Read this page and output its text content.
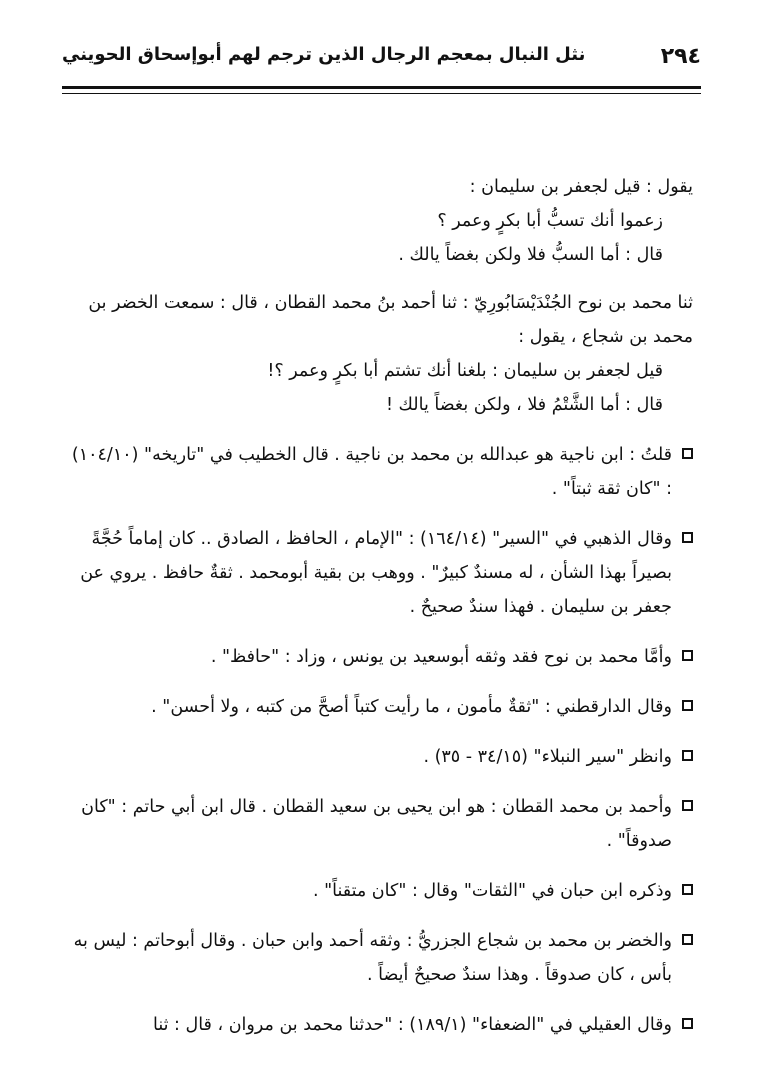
٢٩٤
نثل النبال بمعجم الرجال الذين ترجم لهم أبوإسحاق الحويني

يقول : قيل لجعفر بن سليمان :

زعموا أنك تسبُّ أبا بكرٍ وعمر ؟

قال : أما السبُّ فلا ولكن بغضاً يالك .

ثنا محمد بن نوح الجُنْدَيْسَابُورِيّ : ثنا أحمد بنُ محمد القطان ، قال : سمعت الخضر بن محمد بن شجاع ، يقول :

قيل لجعفر بن سليمان : بلغنا أنك تشتم أبا بكرٍ وعمر ؟!

قال : أما الشَّتْمُ فلا ، ولكن بغضاً يالك !

قلتُ : ابن ناجية هو عبدالله بن محمد بن ناجية . قال الخطيب في "تاريخه" (١٠٤/١٠) : "كان ثقة ثبتاً" .
وقال الذهبي في "السير" (١٦٤/١٤) : "الإمام ، الحافظ ، الصادق .. كان إماماً حُجَّةً بصيراً بهذا الشأن ، له مسندٌ كبيرٌ" . ووهب بن بقية أبومحمد . ثقةٌ حافظ . يروي عن جعفر بن سليمان . فهذا سندٌ صحيحٌ .
وأمَّا محمد بن نوح فقد وثقه أبوسعيد بن يونس ، وزاد : "حافظ" .
وقال الدارقطني : "ثقةٌ مأمون ، ما رأيت كتباً أصحَّ من كتبه ، ولا أحسن" .
وانظر "سير النبلاء" (٣٤/١٥ - ٣٥) .
وأحمد بن محمد القطان : هو ابن يحيى بن سعيد القطان . قال ابن أبي حاتم : "كان صدوقاً" .
وذكره ابن حبان في "الثقات" وقال : "كان متقناً" .
والخضر بن محمد بن شجاع الجزريُّ : وثقه أحمد وابن حبان . وقال أبوحاتم : ليس به بأس ، كان صدوقاً . وهذا سندٌ صحيحٌ أيضاً .
وقال العقيلي في "الضعفاء" (١٨٩/١) : "حدثنا محمد بن مروان ، قال : ثنا
